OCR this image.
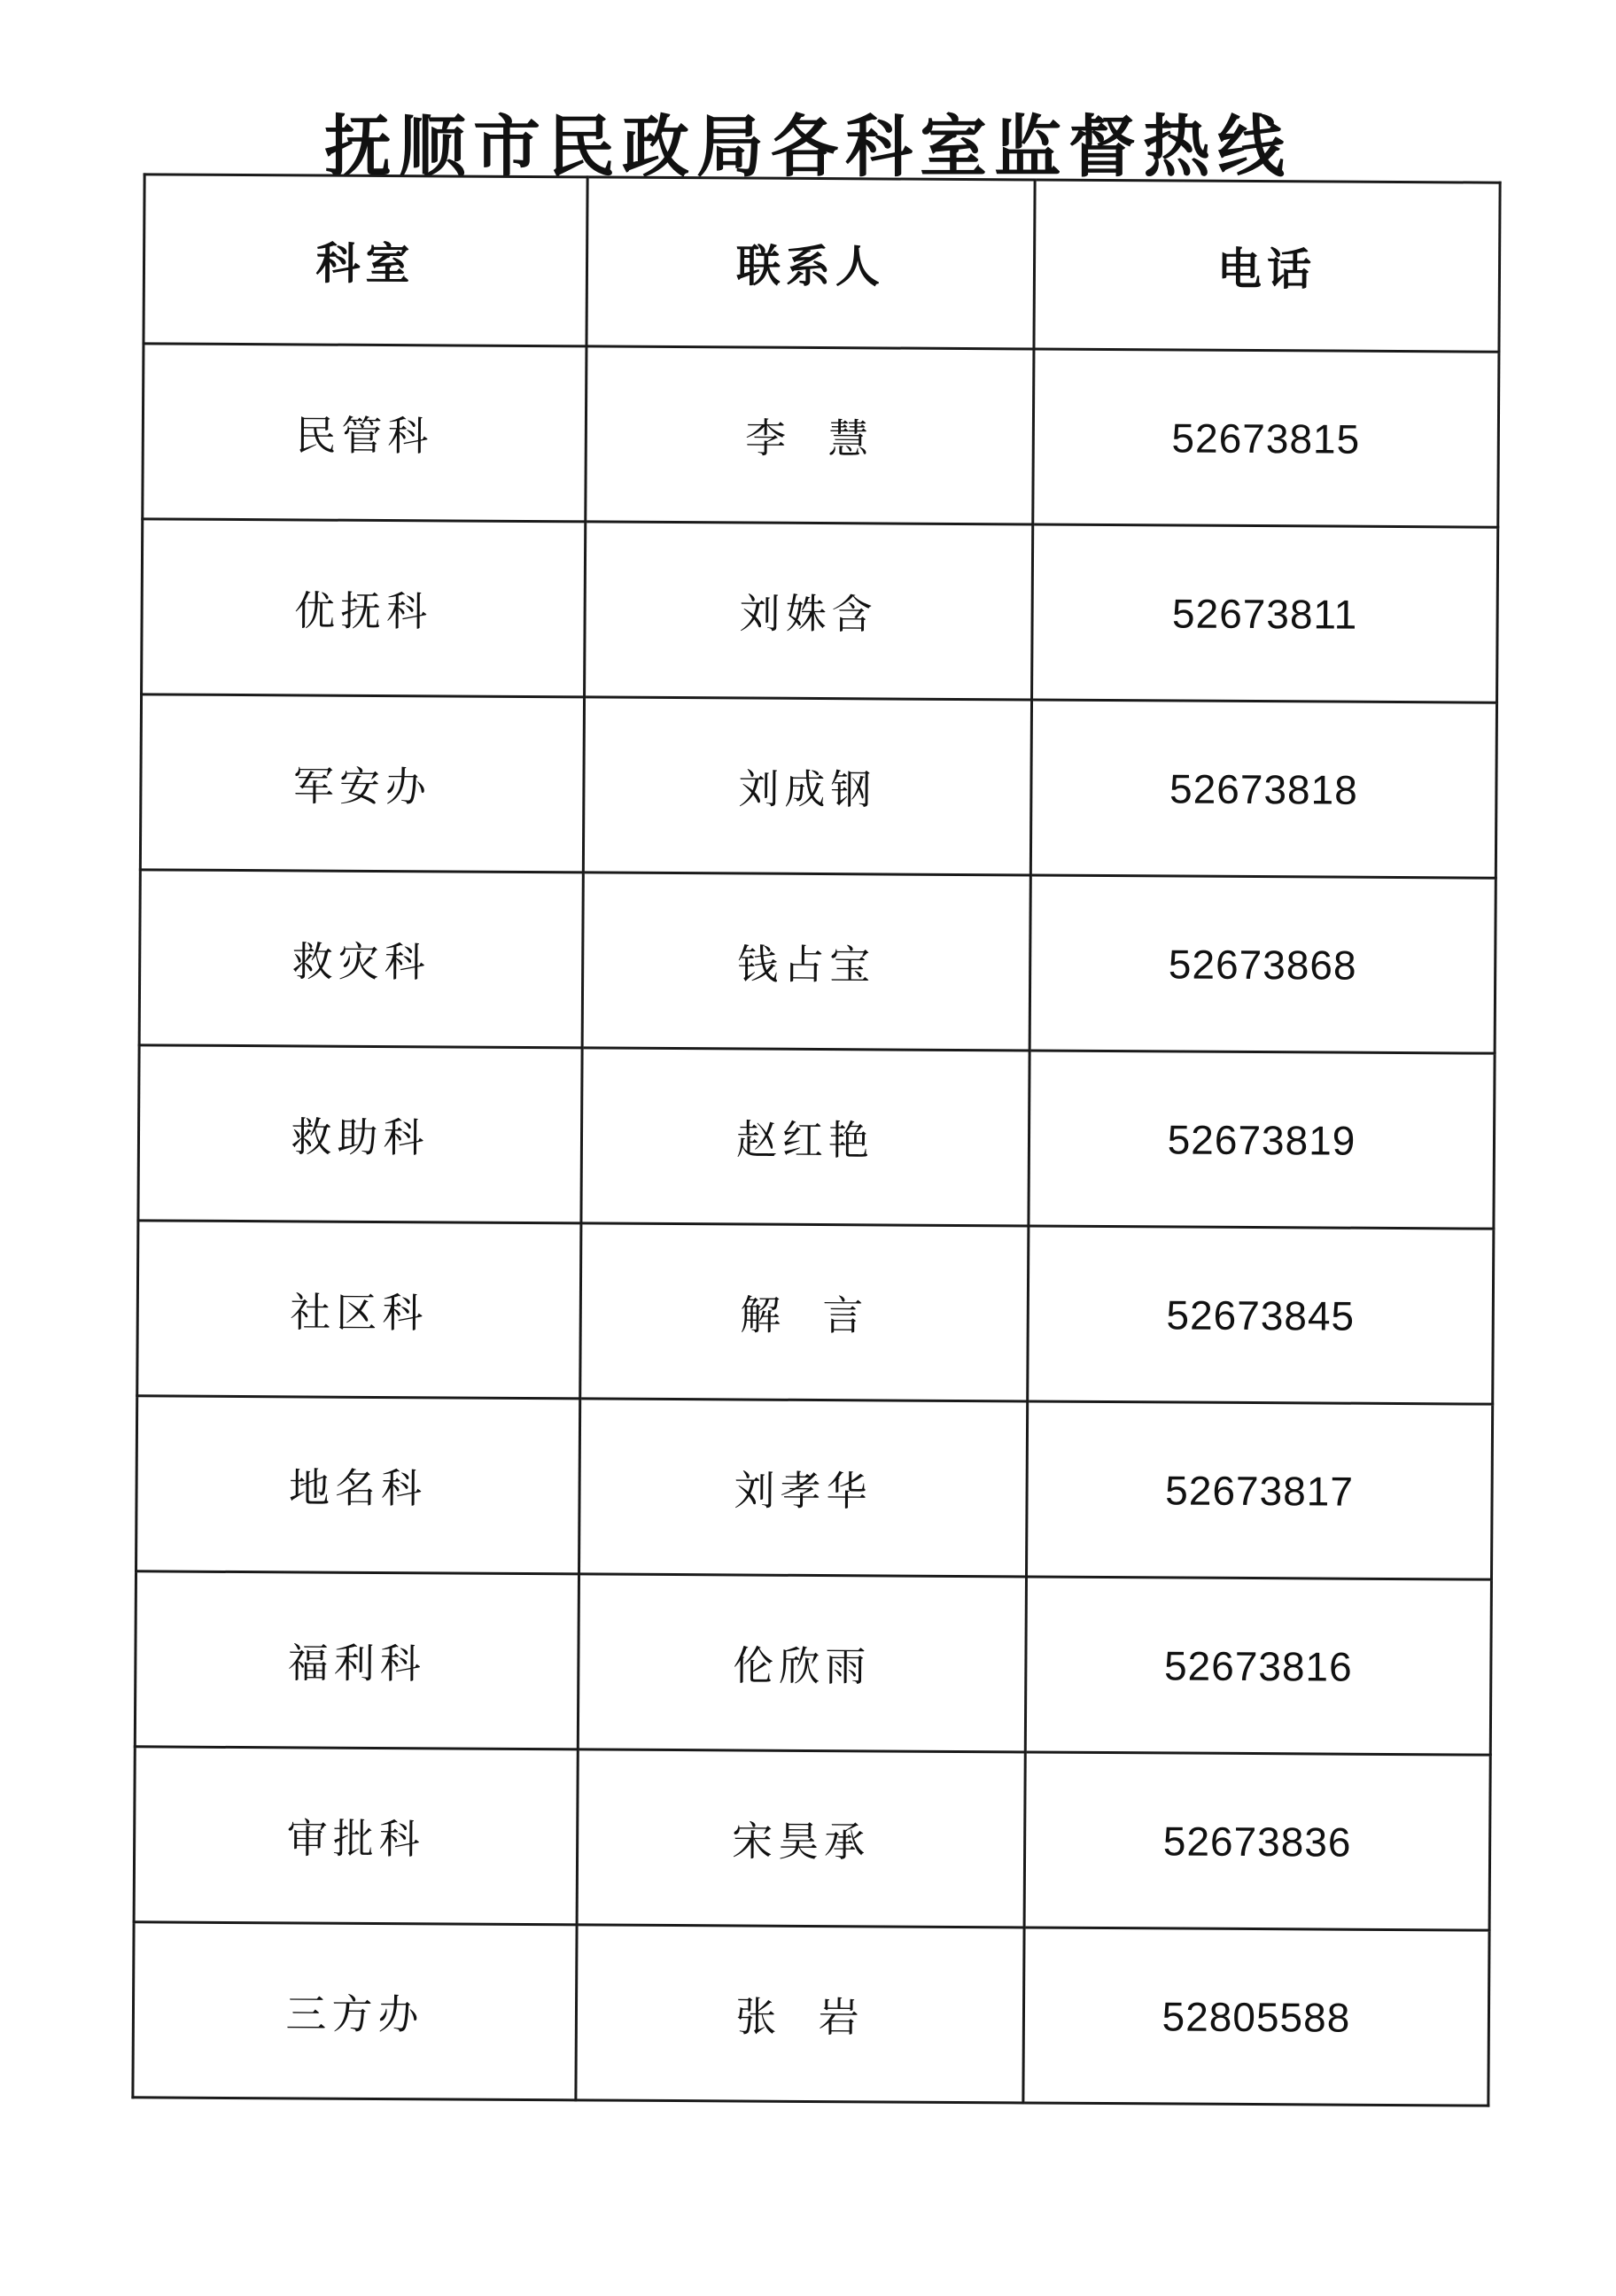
抚顺市民政局各科室监督热线
科室	联系人	电话
民管科	李  慧	52673815
优抚科	刘姝含	52673811
军安办	刘成钢	52673818
救灾科	钱占宝	52673868
救助科	赵红艳	52673819
社区科	解  言	52673845
地名科	刘孝华	52673817
福利科	伦欣雨	52673816
审批科	宋昊承	52673836
三方办	张  岩	52805588
